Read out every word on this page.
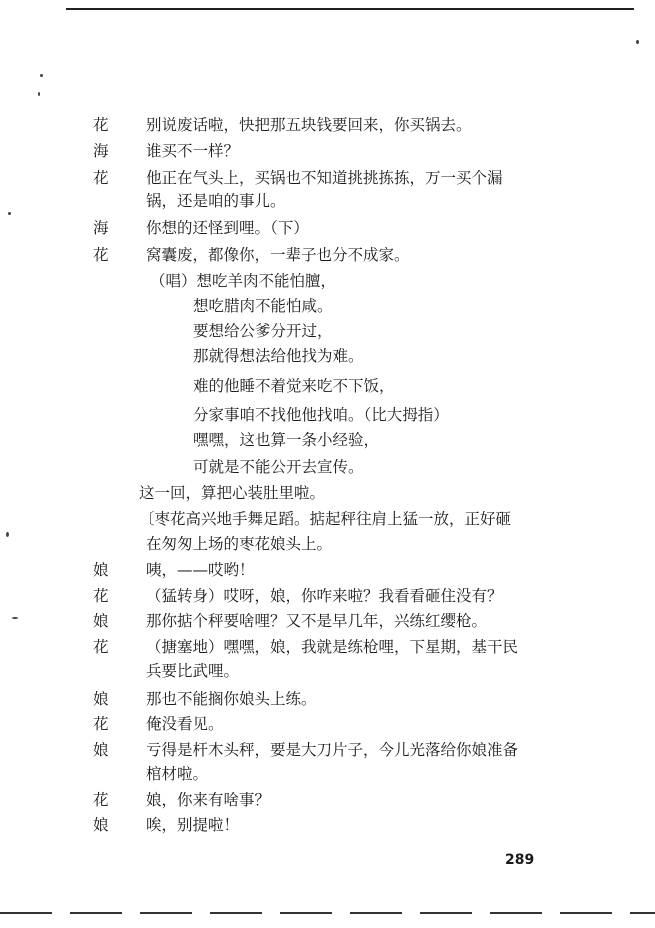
花	别说废话啦，快把那五块钱要回来，你买锅去。
海	谁买不一样？
花	他正在气头上，买锅也不知道挑挑拣拣，万一买个漏
锅，还是咱的事儿。
海	你想的还怪到哩。（下）
花	窝囊废，都像你，一辈子也分不成家。
（唱）想吃羊肉不能怕膻，
想吃腊肉不能怕咸。
要想给公爹分开过，
那就得想法给他找为难。
难的他睡不着觉来吃不下饭，
分家事咱不找他他找咱。（比大拇指）
嘿嘿，这也算一条小经验，
可就是不能公开去宣传。
这一回，算把心装肚里啦。
〔枣花高兴地手舞足蹈。掂起秤往肩上猛一放，正好砸
在匆匆上场的枣花娘头上。
娘	咦，——哎哟！
花	（猛转身）哎呀，娘，你咋来啦？我看看砸住没有？
娘	那你掂个秤要啥哩？又不是早几年，兴练红缨枪。
花	（搪塞地）嘿嘿，娘，我就是练枪哩，下星期，基干民
兵要比武哩。
娘	那也不能搁你娘头上练。
花	俺没看见。
娘	亏得是杆木头秤，要是大刀片子，今儿光落给你娘准备
棺材啦。
花	娘，你来有啥事？
娘	唉，别提啦！
289
